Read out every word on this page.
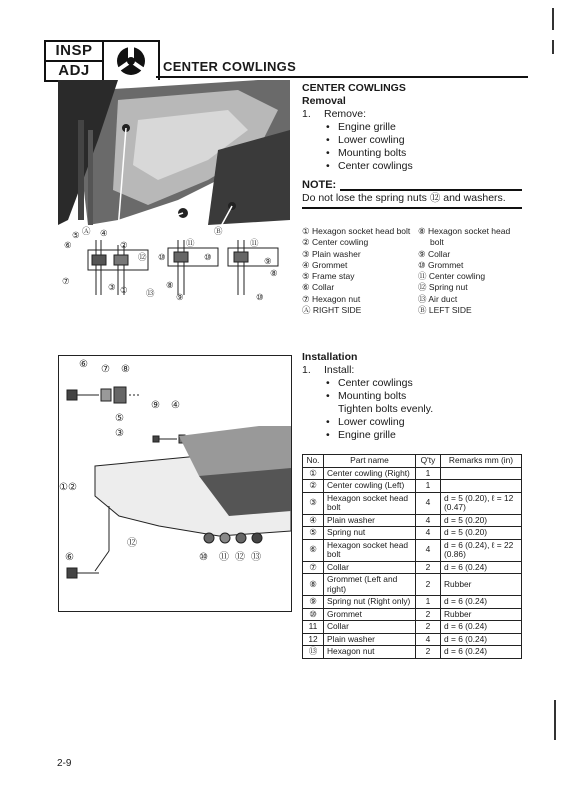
INSP
ADJ	CENTER COWLINGS
⑥
⑤ ④
②
⑦
③ ①
Ⓐ	Ⓑ
⑪
⑫ ⑩
⑬
⑧
⑨
⑪
⑩	⑨
⑩
⑧
CENTER COWLINGS
Removal
1. Remove:
• Engine grille
• Lower cowling
• Mounting bolts
• Center cowlings
NOTE:
Do not lose the spring nuts ⑫ and washers.
① Hexagon socket head bolt
② Center cowling
③ Plain washer
④ Grommet
⑤ Frame stay
⑥ Collar
⑦ Hexagon nut
Ⓐ RIGHT SIDE
⑧ Hexagon socket head
bolt
⑨ Collar
⑩ Grommet
⑪ Center cowling
⑫ Spring nut
⑬ Air duct
Ⓑ LEFT SIDE
⑥ ⑦ ⑧
⑤
⑨ ④
③
①②
⑫
⑥	⑩ ⑪ ⑫ ⑬
Installation
1. Install:
• Center cowlings
• Mounting bolts
Tighten bolts evenly.
• Lower cowling
• Engine grille
No.	Part name	Q'ty	Remarks mm (in)
①	Center cowling (Right)	1	
②	Center cowling (Left)	1	
③	Hexagon socket head bolt	4	d = 5 (0.20), ℓ = 12 (0.47)
④	Plain washer	4	d = 5 (0.20)
⑤	Spring nut	4	d = 5 (0.20)
⑥	Hexagon socket head bolt	4	d = 6 (0.24), ℓ = 22 (0.86)
⑦	Collar	2	d = 6 (0.24)
⑧	Grommet (Left and right)	2	Rubber
⑨	Spring nut (Right only)	1	d = 6 (0.24)
⑩	Grommet	2	Rubber
11	Collar	2	d = 6 (0.24)
12	Plain washer	4	d = 6 (0.24)
⑬	Hexagon nut	2	d = 6 (0.24)
2-9
